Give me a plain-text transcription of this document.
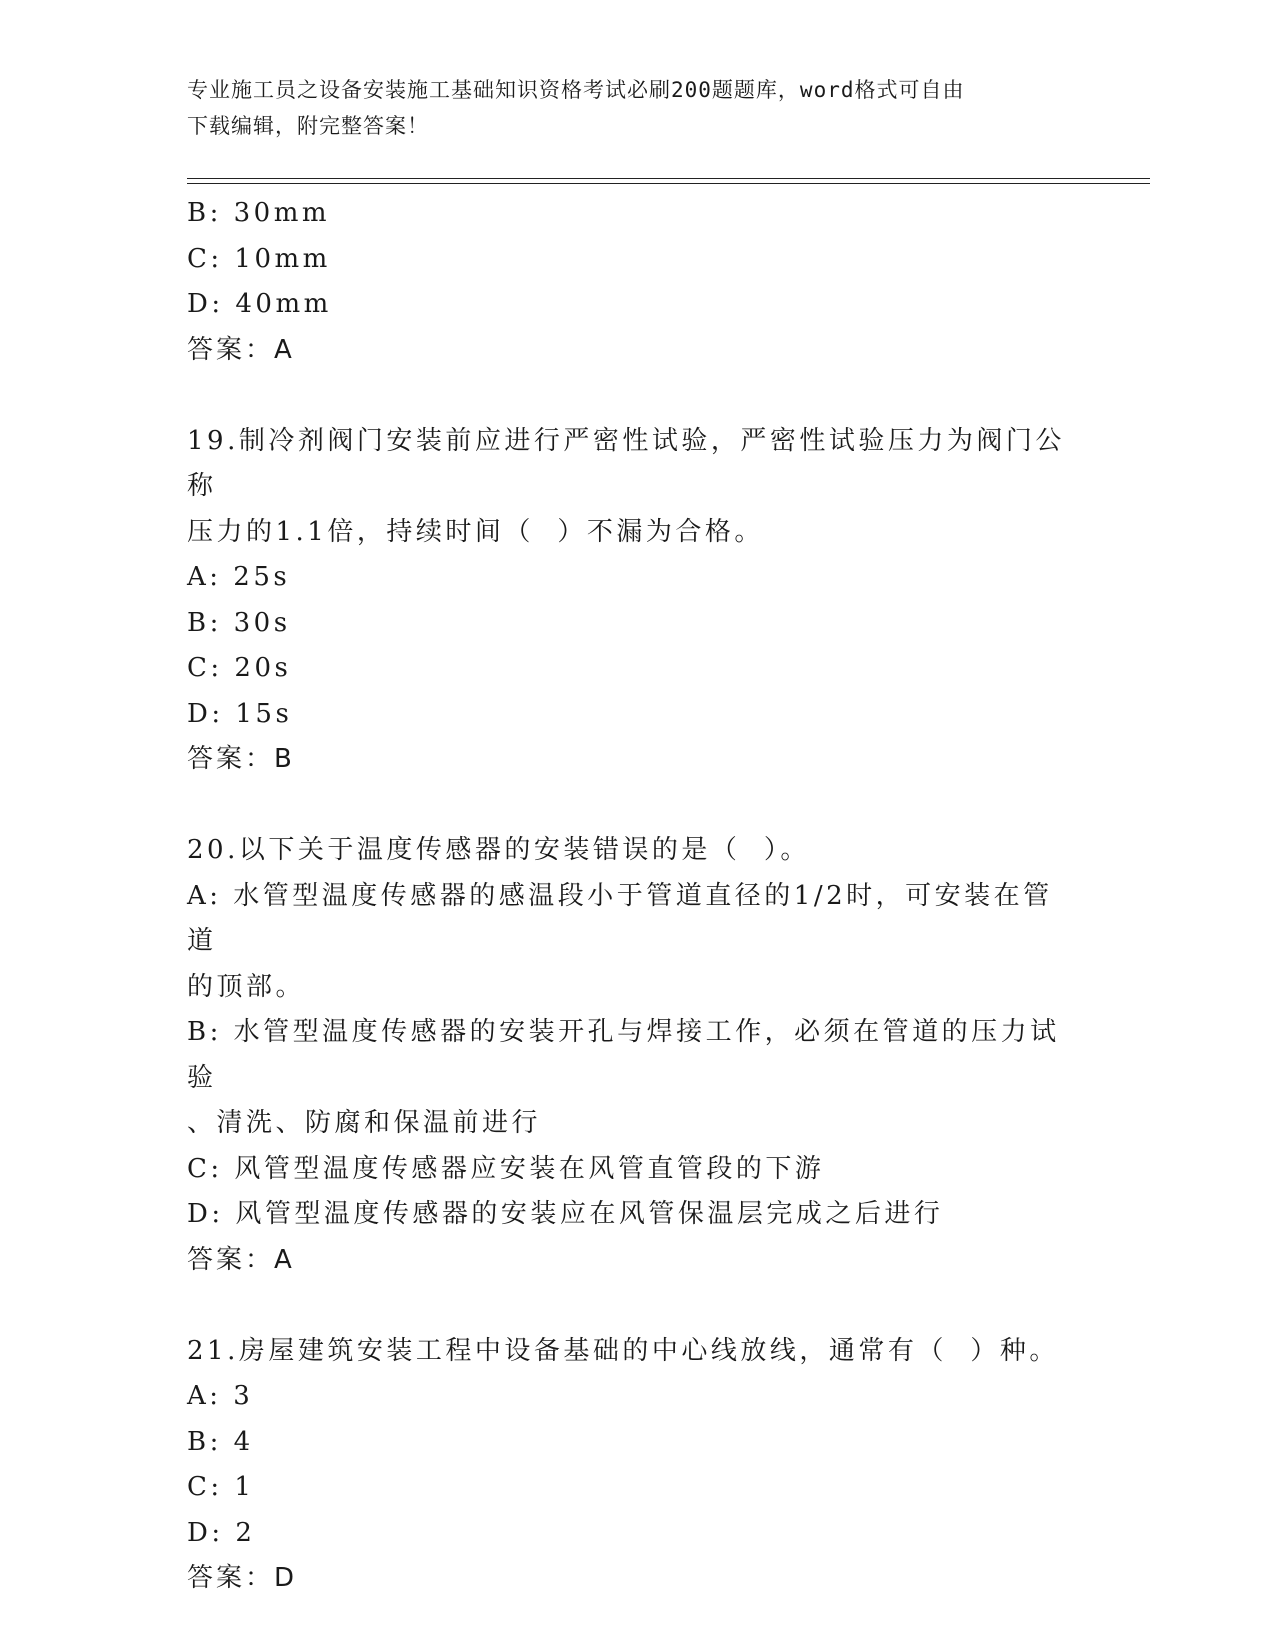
专业施工员之设备安装施工基础知识资格考试必刷200题题库，word格式可自由
下载编辑，附完整答案！
B: 30mm
C: 10mm
D: 40mm
答案：A
19.制冷剂阀门安装前应进行严密性试验，严密性试验压力为阀门公称
压力的1.1倍，持续时间（  ）不漏为合格。
A: 25s
B: 30s
C: 20s
D: 15s
答案：B
20.以下关于温度传感器的安装错误的是（  ）。
A: 水管型温度传感器的感温段小于管道直径的1/2时，可安装在管道
的顶部。
B: 水管型温度传感器的安装开孔与焊接工作，必须在管道的压力试验
、清洗、防腐和保温前进行
C: 风管型温度传感器应安装在风管直管段的下游
D: 风管型温度传感器的安装应在风管保温层完成之后进行
答案：A
21.房屋建筑安装工程中设备基础的中心线放线，通常有（  ）种。
A: 3
B: 4
C: 1
D: 2
答案：D
